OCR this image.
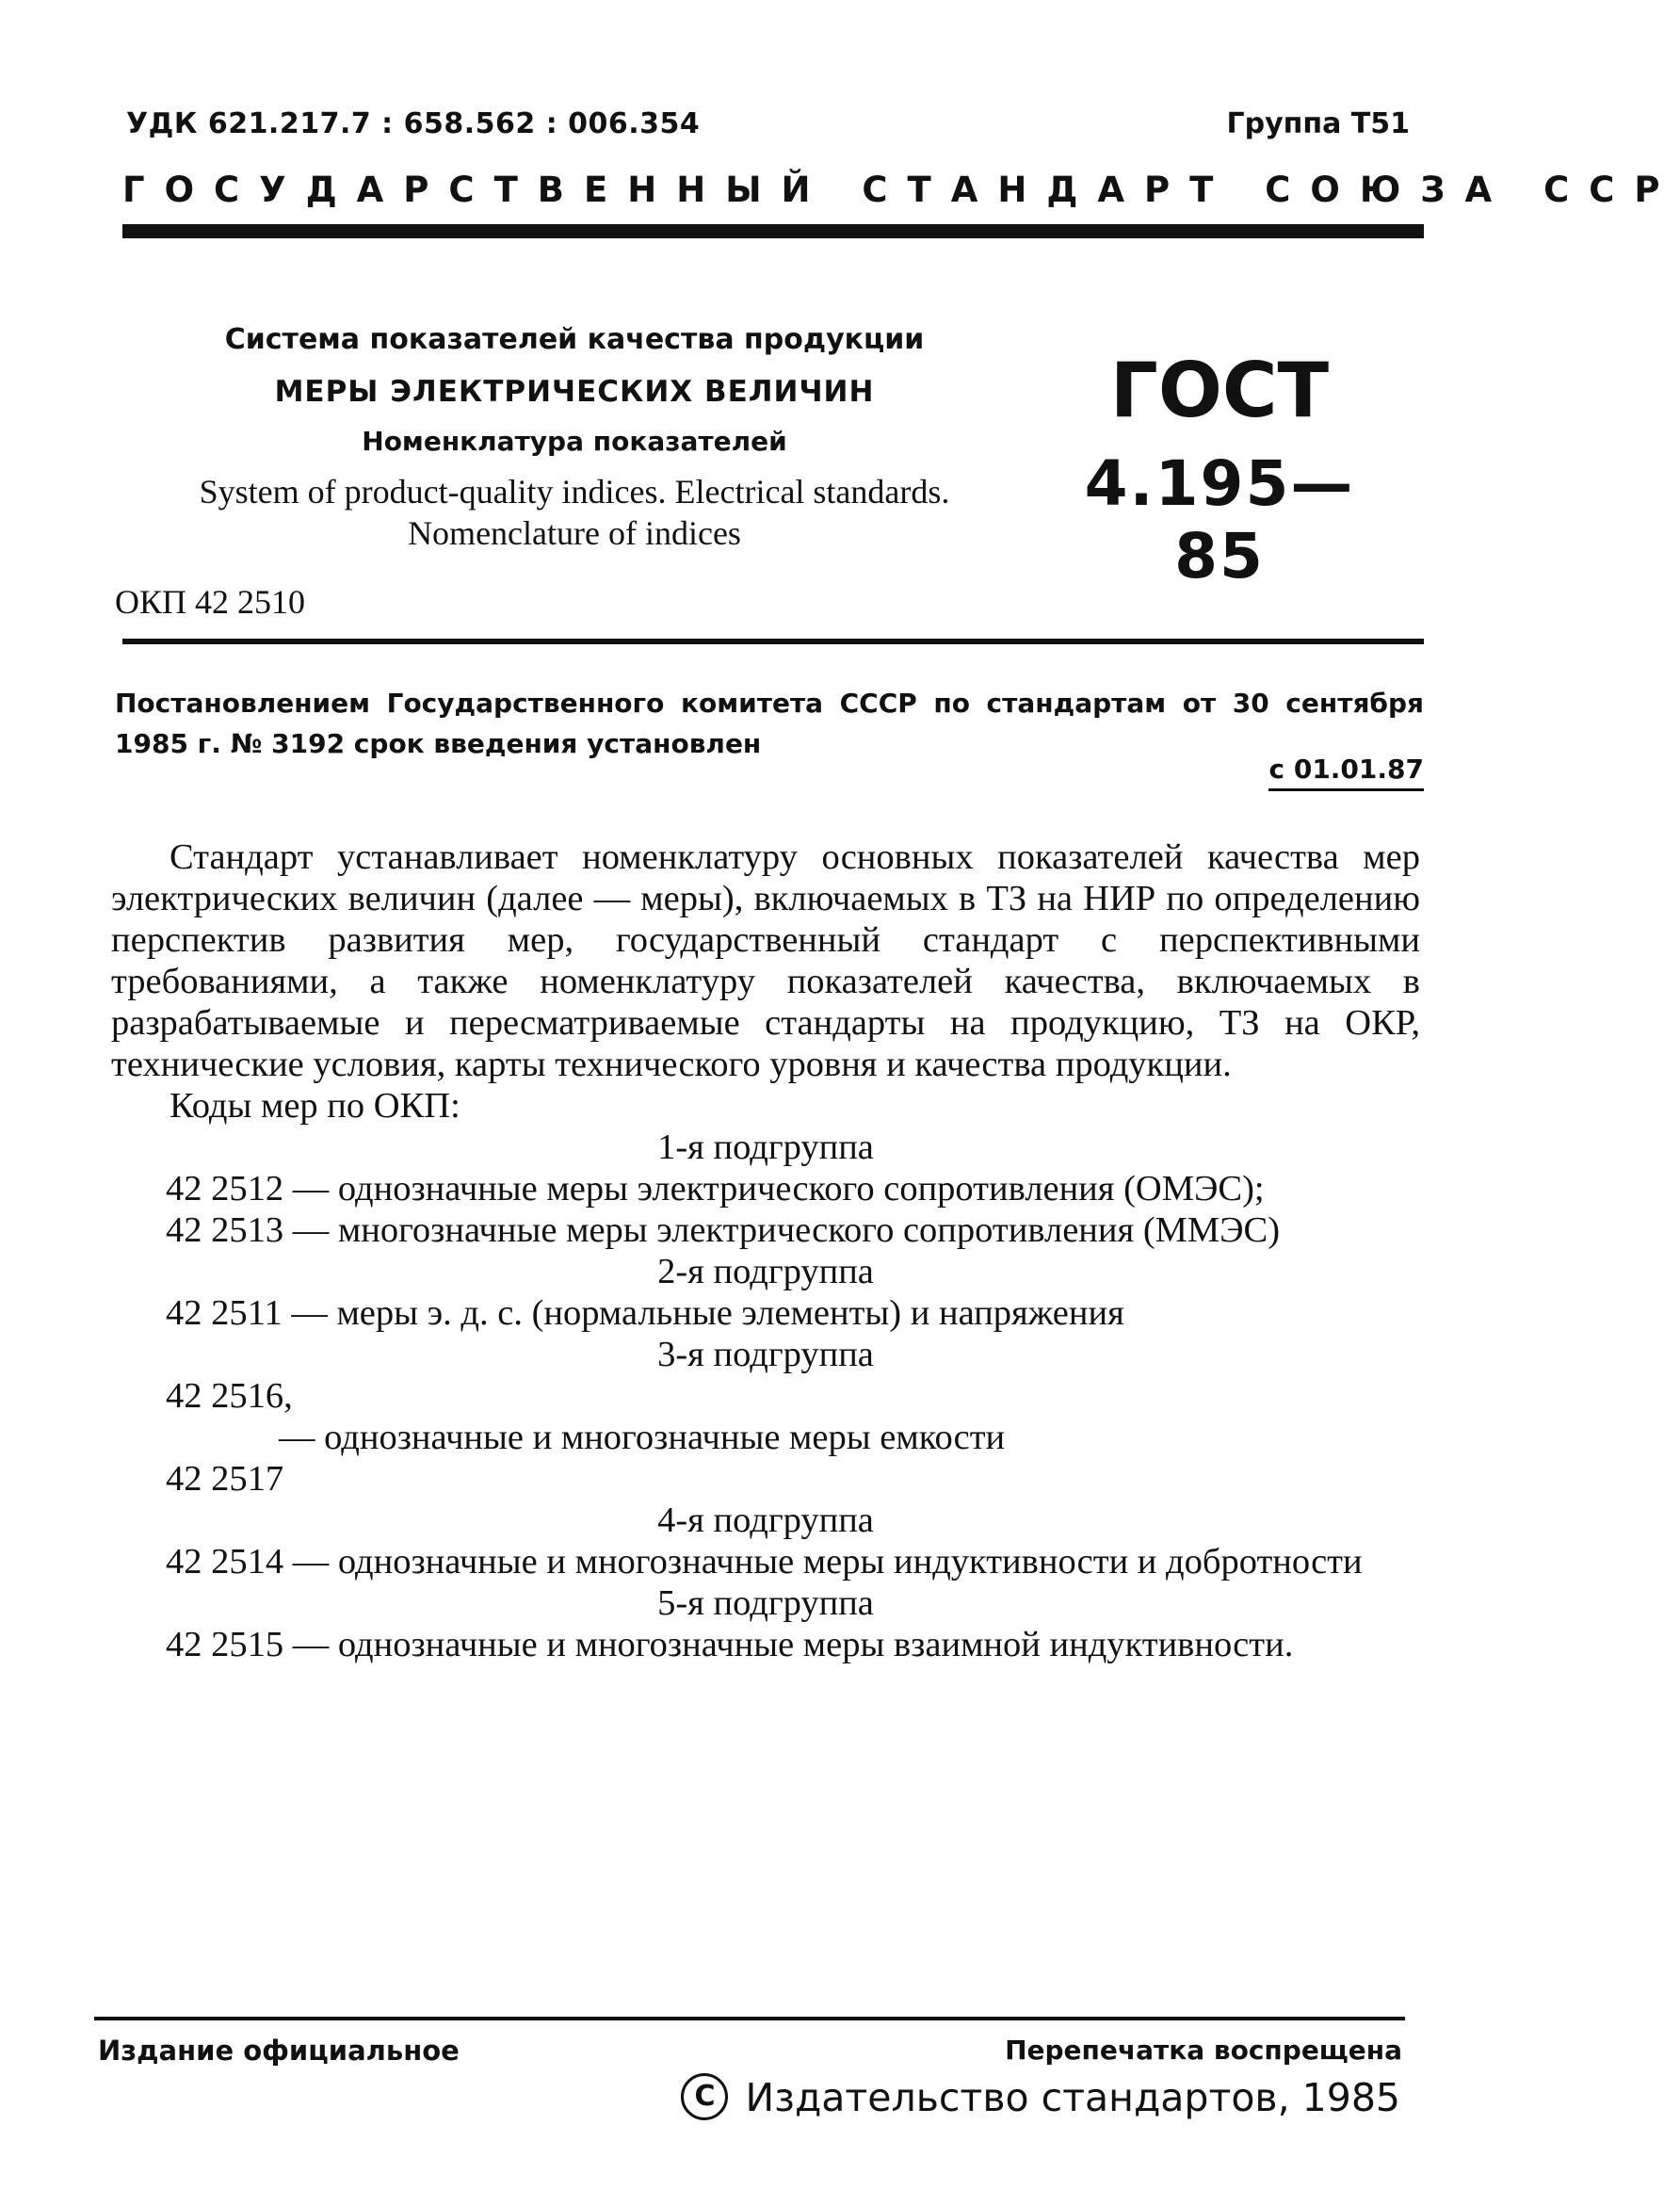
УДК 621.217.7 : 658.562 : 006.354	Группа Т51
ГОСУДАРСТВЕННЫЙ СТАНДАРТ СОЮЗА ССР
Система показателей качества продукции
МЕРЫ ЭЛЕКТРИЧЕСКИХ ВЕЛИЧИН
Номенклатура показателей
System of product-quality indices. Electrical standards.
Nomenclature of indices
ГОСТ
4.195—85
ОКП 42 2510
Постановлением Государственного комитета СССР по стандартам от 30 сентября 1985 г. № 3192 срок введения установлен
с 01.01.87

Стандарт устанавливает номенклатуру основных показателей качества мер электрических величин (далее — меры), включаемых в ТЗ на НИР по определению перспектив развития мер, государственный стандарт с перспективными требованиями, а также номенклатуру показателей качества, включаемых в разрабатываемые и пересматриваемые стандарты на продукцию, ТЗ на ОКР, технические условия, карты технического уровня и качества продукции.

Коды мер по ОКП:

1-я подгруппа

42 2512 — однозначные меры электрического сопротивления (ОМЭС);

42 2513 — многозначные меры электрического сопротивления (ММЭС)

2-я подгруппа

42 2511 — меры э. д. с. (нормальные элементы) и напряжения

3-я подгруппа

42 2516,

— однозначные и многозначные меры емкости

42 2517

4-я подгруппа

42 2514 — однозначные и многозначные меры индуктивности и добротности

5-я подгруппа

42 2515 — однозначные и многозначные меры взаимной индуктивности.

Издание официальное	Перепечатка воспрещена
C Издательство стандартов, 1985
